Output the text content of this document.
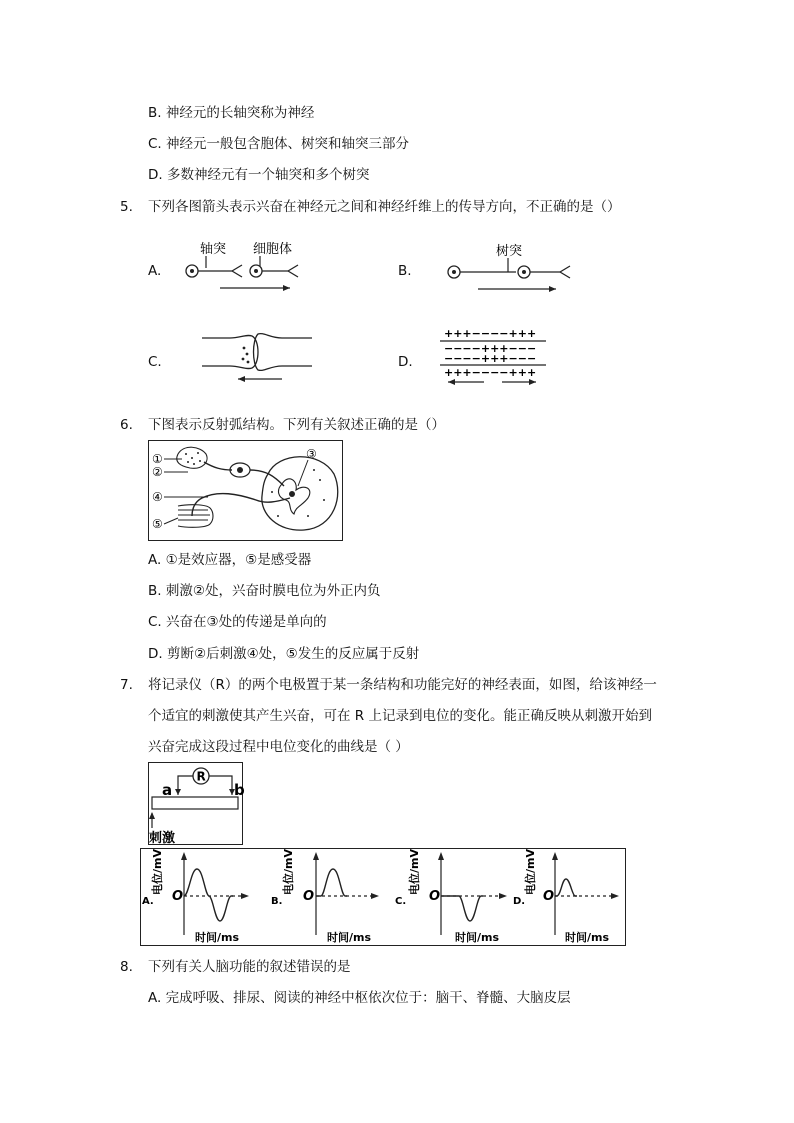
B. 神经元的长轴突称为神经
C. 神经元一般包含胞体、树突和轴突三部分
D. 多数神经元有一个轴突和多个树突
5. 下列各图箭头表示兴奋在神经元之间和神经纤维上的传导方向，不正确的是（）
A.
轴突 细胞体
B.
树突
C.	D.
+++−−−−+++
−−−−+++−−−
−−−−+++−−−
+++−−−−+++
6. 下图表示反射弧结构。下列有关叙述正确的是（）
①
②
④
⑤
③
A. ①是效应器，⑤是感受器
B. 刺激②处，兴奋时膜电位为外正内负
C. 兴奋在③处的传递是单向的
D. 剪断②后刺激④处，⑤发生的反应属于反射
7. 将记录仪（R）的两个电极置于某一条结构和功能完好的神经表面，如图，给该神经一
个适宜的刺激使其产生兴奋，可在 R 上记录到电位的变化。能正确反映从刺激开始到
兴奋完成这段过程中电位变化的曲线是（ ）
R
a	b
刺激
A.
电位/mV
O
时间/ms
B.
电位/mV
O
时间/ms
C.
电位/mV
O
时间/ms
D.
电位/mV
O
时间/ms
8. 下列有关人脑功能的叙述错误的是
A. 完成呼吸、排尿、阅读的神经中枢依次位于：脑干、脊髓、大脑皮层
